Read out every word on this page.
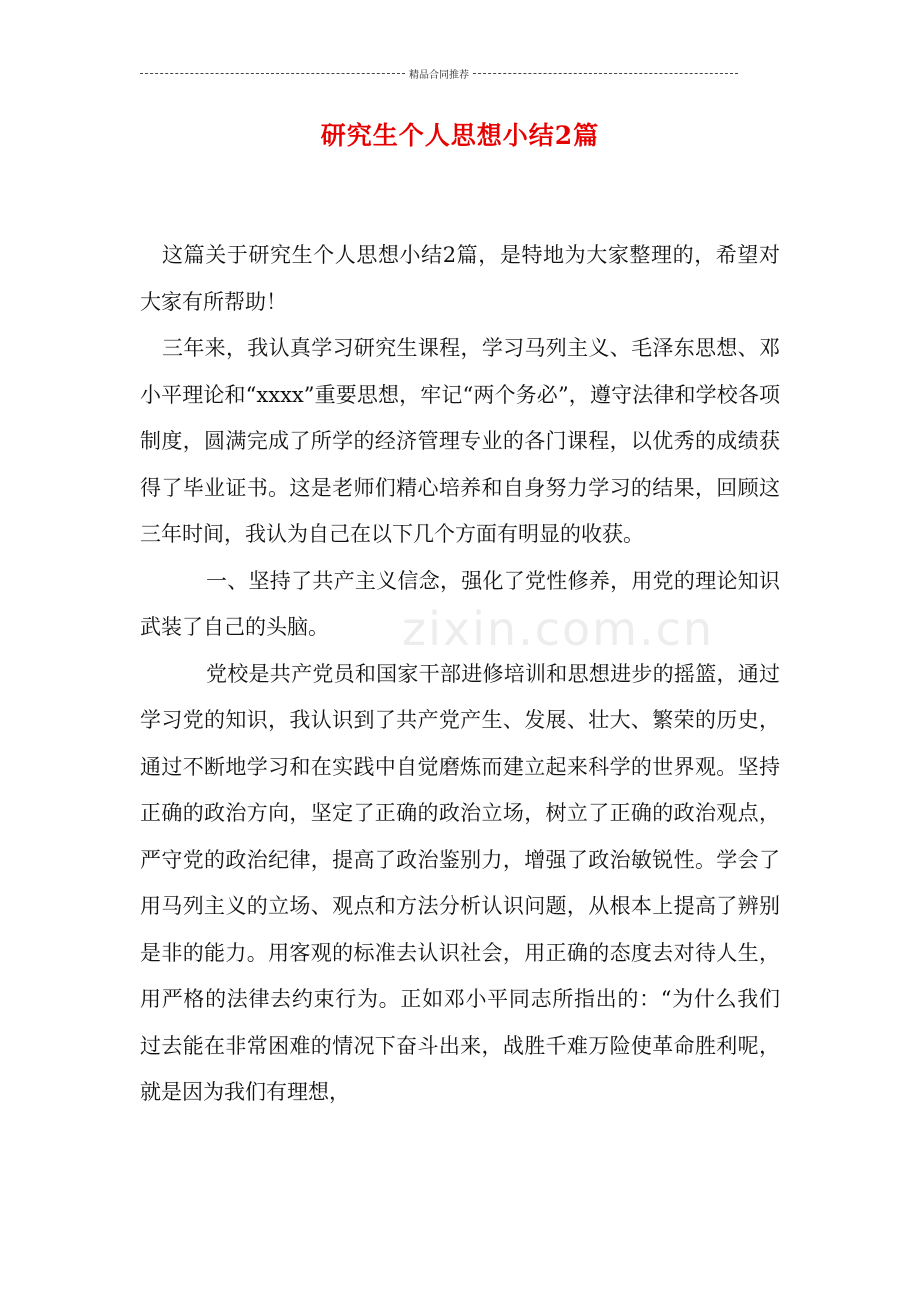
精品合同推荐
研究生个人思想小结2篇

这篇关于研究生个人思想小结2篇，是特地为大家整理的，希望对大家有所帮助！

三年来，我认真学习研究生课程，学习马列主义、毛泽东思想、邓小平理论和“xxxx”重要思想，牢记“两个务必”，遵守法律和学校各项制度，圆满完成了所学的经济管理专业的各门课程，以优秀的成绩获得了毕业证书。这是老师们精心培养和自身努力学习的结果，回顾这三年时间，我认为自己在以下几个方面有明显的收获。

一、坚持了共产主义信念，强化了党性修养，用党的理论知识武装了自己的头脑。

党校是共产党员和国家干部进修培训和思想进步的摇篮，通过学习党的知识，我认识到了共产党产生、发展、壮大、繁荣的历史，通过不断地学习和在实践中自觉磨炼而建立起来科学的世界观。坚持正确的政治方向，坚定了正确的政治立场，树立了正确的政治观点，严守党的政治纪律，提高了政治鉴别力，增强了政治敏锐性。学会了用马列主义的立场、观点和方法分析认识问题，从根本上提高了辨别是非的能力。用客观的标准去认识社会，用正确的态度去对待人生，用严格的法律去约束行为。正如邓小平同志所指出的：“为什么我们过去能在非常困难的情况下奋斗出来，战胜千难万险使革命胜利呢，就是因为我们有理想，

zixin.com.cn
